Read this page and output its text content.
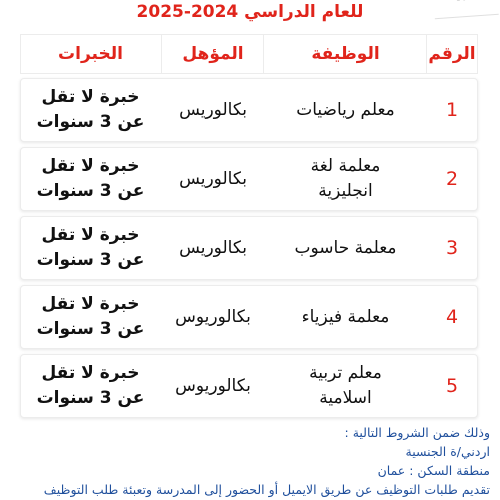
للعام الدراسي 2024-2025
الرقم
الوظيفة
المؤهل
الخبرات
1
معلم رياضيات
بكالوريس
خبرة لا تقل
عن 3 سنوات
2
معلمة لغة
انجليزية
بكالوريس
خبرة لا تقل
عن 3 سنوات
3
معلمة حاسوب
بكالوريس
خبرة لا تقل
عن 3 سنوات
4
معلمة فيزياء
بكالوريوس
خبرة لا تقل
عن 3 سنوات
5
معلم تربية
اسلامية
بكالوريوس
خبرة لا تقل
عن 3 سنوات
وذلك ضمن الشروط التالية :
اردني/ة الجنسية
منطقة السكن : عمان
تقديم طلبات التوظيف عن طريق الايميل أو الحضور إلى المدرسة وتعبئة طلب التوظيف
